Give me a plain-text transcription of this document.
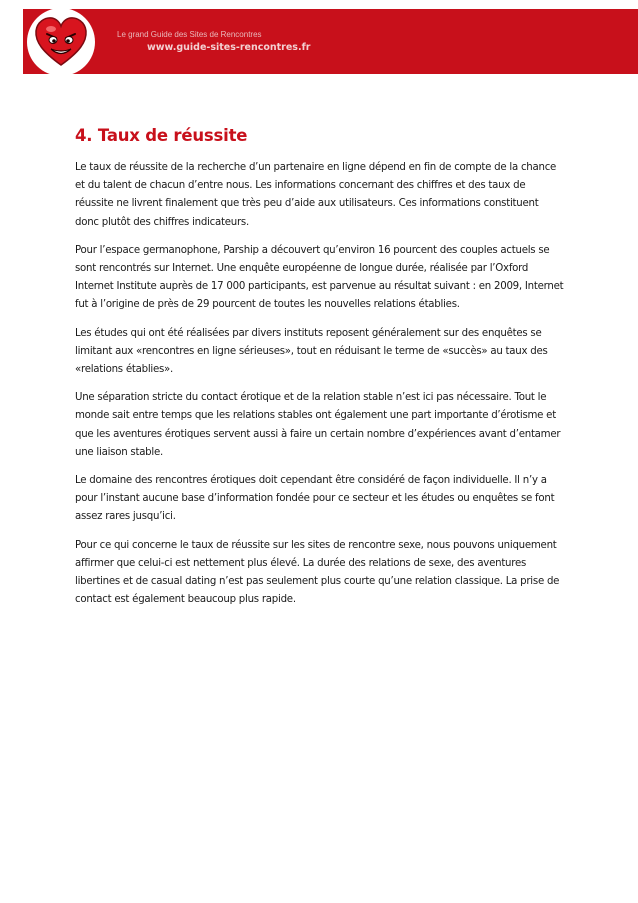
Le grand Guide des Sites de Rencontres
www.guide-sites-rencontres.fr
4. Taux de réussite

Le taux de réussite de la recherche d’un partenaire en ligne dépend en fin de compte de la chance et du talent de chacun d’entre nous. Les informations concernant des chiffres et des taux de réussite ne livrent finalement que très peu d’aide aux utilisateurs. Ces informations constituent donc plutôt des chiffres indicateurs.

Pour l’espace germanophone, Parship a découvert qu’environ 16 pourcent des couples actuels se sont rencontrés sur Internet. Une enquête européenne de longue durée, réalisée par l’Oxford Internet Institute auprès de 17 000 participants, est parvenue au résultat suivant : en 2009, Internet fut à l’origine de près de 29 pourcent de toutes les nouvelles relations établies.

Les études qui ont été réalisées par divers instituts reposent généralement sur des enquêtes se limitant aux «rencontres en ligne sérieuses», tout en réduisant le terme de «succès» au taux des «relations établies».

Une séparation stricte du contact érotique et de la relation stable n’est ici pas nécessaire. Tout le monde sait entre temps que les relations stables ont également une part importante d’érotisme et que les aventures érotiques servent aussi à faire un certain nombre d’expériences avant d’entamer une liaison stable.

Le domaine des rencontres érotiques doit cependant être considéré de façon individuelle. Il n’y a pour l’instant aucune base d’information fondée pour ce secteur et les études ou enquêtes se font assez rares jusqu’ici.

Pour ce qui concerne le taux de réussite sur les sites de rencontre sexe, nous pouvons uniquement affirmer que celui-ci est nettement plus élevé. La durée des relations de sexe, des aventures libertines et de casual dating n’est pas seulement plus courte qu’une relation classique. La prise de contact est également beaucoup plus rapide.
